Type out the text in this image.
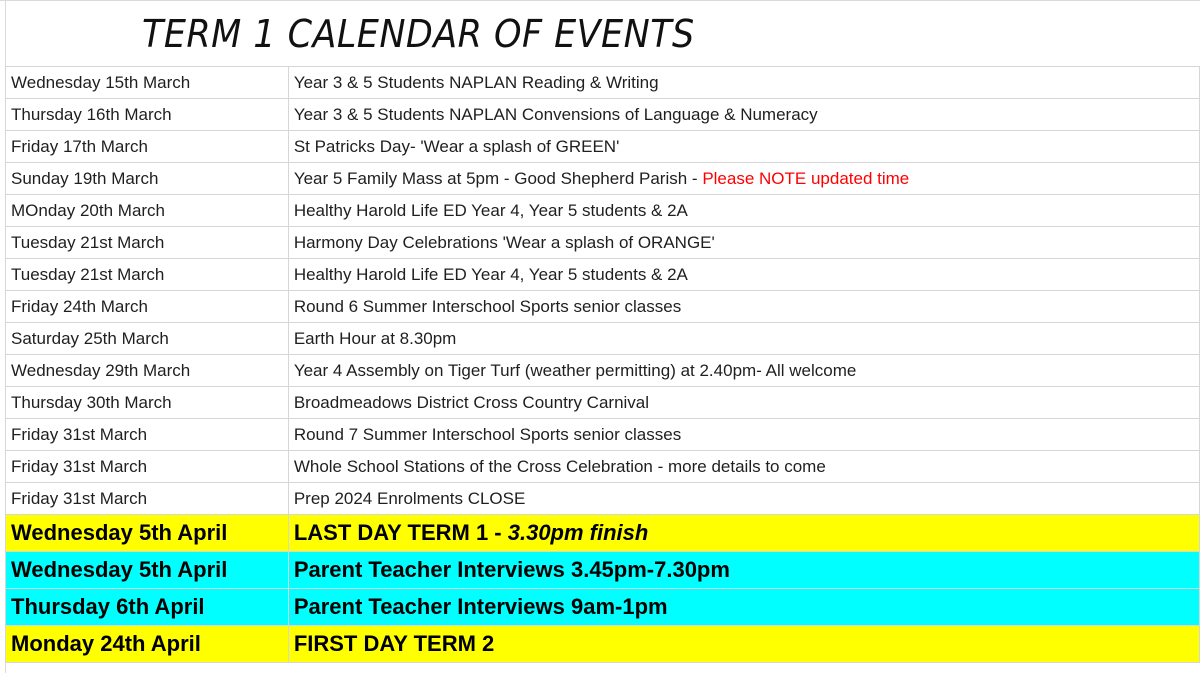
TERM 1 CALENDAR OF EVENTS
Wednesday 15th March	Year 3 & 5 Students NAPLAN Reading & Writing
Thursday 16th March	Year 3 & 5 Students NAPLAN Convensions of Language & Numeracy
Friday 17th March	St Patricks Day- 'Wear a splash of GREEN'
Sunday 19th March	Year 5 Family Mass at 5pm - Good Shepherd Parish - Please NOTE updated time
MOnday 20th March	Healthy Harold Life ED Year 4, Year 5 students & 2A
Tuesday 21st March	Harmony Day Celebrations 'Wear a splash of ORANGE'
Tuesday 21st March	Healthy Harold Life ED Year 4, Year 5 students & 2A
Friday 24th March	Round 6 Summer Interschool Sports senior classes
Saturday 25th March	Earth Hour at 8.30pm
Wednesday 29th March	Year 4 Assembly on Tiger Turf (weather permitting) at 2.40pm- All welcome
Thursday 30th March	Broadmeadows District Cross Country Carnival
Friday 31st March	Round 7 Summer Interschool Sports senior classes
Friday 31st March	Whole School Stations of the Cross Celebration - more details to come
Friday 31st March	Prep 2024 Enrolments CLOSE
Wednesday 5th April	LAST DAY TERM 1 - 3.30pm finish
Wednesday 5th April	Parent Teacher Interviews 3.45pm-7.30pm
Thursday 6th April	Parent Teacher Interviews 9am-1pm
Monday 24th April	FIRST DAY TERM 2
